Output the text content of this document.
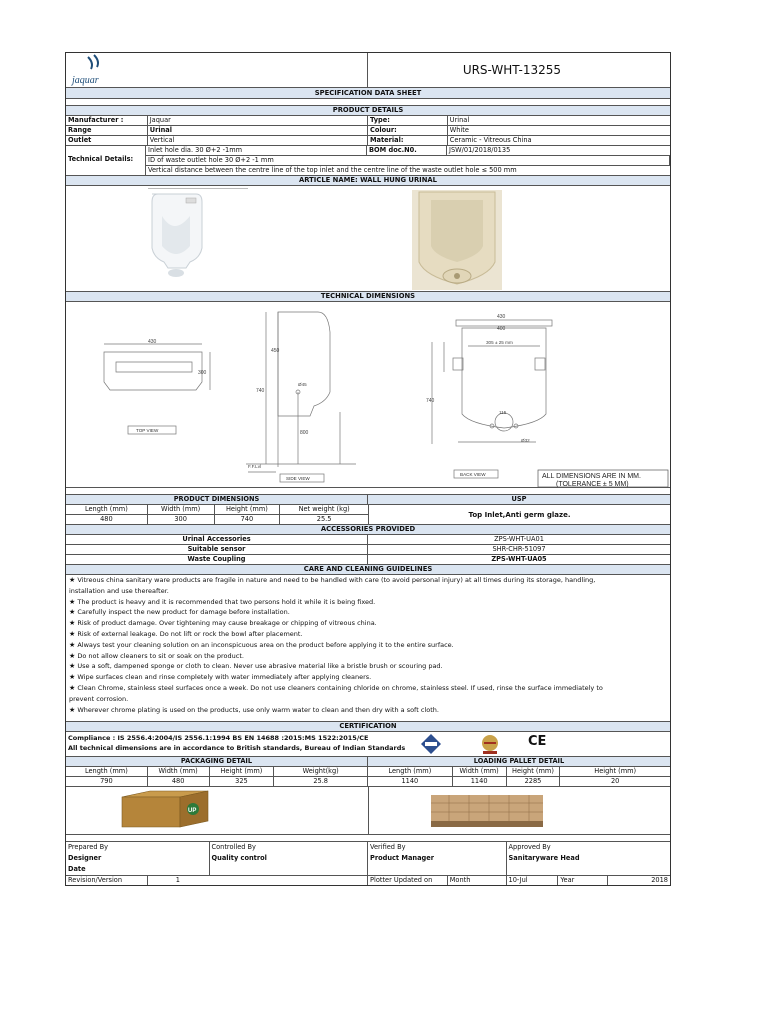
jaquar
URS-WHT-13255
SPECIFICATION DATA SHEET
PRODUCT DETAILS
Manufacturer :	Jaquar	Type:	Urinal
Range	Urinal	Colour:	White
Outlet	Vertical	Material:	Ceramic - Vitreous China
Technical Details:
Inlet hole dia. 30 Ø+2 -1mm	BOM doc.N0.	JSW/01/2018/0135
ID of waste outlet hole 30 Ø+2 -1 mm
Vertical distance between the centre line of the top inlet and the centre line of the waste outlet hole ≤ 500 mm
ARTICLE NAME: WALL HUNG URINAL
TECHNICAL DIMENSIONS
430
300
TOP VIEW
740
450
800
Ø45
F.F.Lvl
SIDE VIEW
430
400
305 ± 25 mm
115
Ø32
740
BACK VIEW	ALL DIMENSIONS ARE IN MM.
(TOLERANCE ± 5 MM)
PRODUCT DIMENSIONS	USP
Length (mm)	Width (mm)	Height (mm)	Net weight (kg)
480	300	740	25.5	Top Inlet,Anti germ glaze.
ACCESSORIES PROVIDED
Urinal Accessories	ZPS-WHT-UA01
Suitable sensor	SHR-CHR-51097
Waste Coupling	ZPS-WHT-UA05
CARE AND CLEANING GUIDELINES

★ Vitreous china sanitary ware products are fragile in nature and need to be handled with care (to avoid personal injury) at all times during its storage, handling,

installation and use thereafter.

★ The product is heavy and it is recommended that two persons hold it while it is being fixed.

★ Carefully inspect the new product for damage before installation.

★ Risk of product damage. Over tightening may cause breakage or chipping of vitreous china.

★ Risk of external leakage. Do not lift or rock the bowl after placement.

★ Always test your cleaning solution on an inconspicuous area on the product before applying it to the entire surface.

★ Do not allow cleaners to sit or soak on the product.

★ Use a soft, dampened sponge or cloth to clean. Never use abrasive material like a bristle brush or scouring pad.

★ Wipe surfaces clean and rinse completely with water immediately after applying cleaners.

★ Clean Chrome, stainless steel surfaces once a week. Do not use cleaners containing chloride on chrome, stainless steel. If used, rinse the surface immediately to

prevent corrosion.

★ Wherever chrome plating is used on the products, use only warm water to clean and then dry with a soft cloth.

CERTIFICATION
Compliance : IS 2556.4:2004/IS 2556.1:1994 BS EN 14688 :2015:MS 1522:2015/CE
All technical dimensions are in accordance to British standards, Bureau of Indian Standards	CE
PACKAGING DETAIL	LOADING PALLET DETAIL
Length (mm)	Width (mm)	Height (mm)	Weight(kg)	Length (mm)	Width (mm)	Height (mm)	Height (mm)
790	480	325	25.8	1140	1140	2285	20
UP
Prepared By
Designer
Date
Controlled By
Quality control
Verified By
Product Manager
Approved By
Sanitaryware Head
Revision/Version	1	Plotter Updated on	Month	10-Jul	Year	2018
